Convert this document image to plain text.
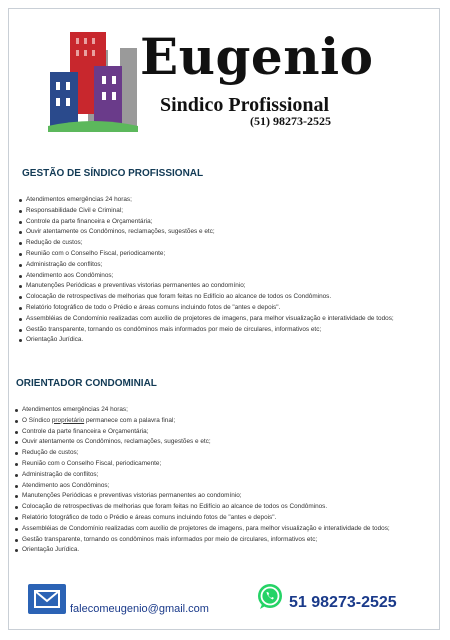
Eugenio
Sindico Profissional
(51) 98273-2525
GESTÃO DE SÍNDICO PROFISSIONAL
Atendimentos emergências 24 horas;
Responsabilidade Civil e Criminal;
Controle da parte financeira e Orçamentária;
Ouvir atentamente os Condôminos, reclamações, sugestões e etc;
Redução de custos;
Reunião com o Conselho Fiscal, periodicamente;
Administração de conflitos;
Atendimento aos Condôminos;
Manutenções Periódicas e preventivas vistorias permanentes ao condomínio;
Colocação de retrospectivas de melhorias que foram feitas no Edifício ao alcance de todos os Condôminos.
Relatório fotográfico de todo o Prédio e áreas comuns incluindo fotos de "antes e depois".
Assembléias de Condomínio realizadas com auxílio de projetores de imagens, para melhor visualização e interatividade de todos;
Gestão transparente, tornando os condôminos mais informados por meio de circulares, informativos etc;
Orientação Jurídica.
ORIENTADOR CONDOMINIAL
Atendimentos emergências 24 horas;
O Síndico proprietário permanece com a palavra final;
Controle da parte financeira e Orçamentária;
Ouvir atentamente os Condôminos, reclamações, sugestões e etc;
Redução de custos;
Reunião com o Conselho Fiscal, periodicamente;
Administração de conflitos;
Atendimento aos Condôminos;
Manutenções Periódicas e preventivas vistorias permanentes ao condomínio;
Colocação de retrospectivas de melhorias que foram feitas no Edifício ao alcance de todos os Condôminos.
Relatório fotográfico de todo o Prédio e áreas comuns incluindo fotos de "antes e depois".
Assembléias de Condomínio realizadas com auxílio de projetores de imagens, para melhor visualização e interatividade de todos;
Gestão transparente, tornando os condôminos mais informados por meio de circulares, informativos etc;
Orientação Jurídica.
falecomeugenio@gmail.com	51 98273-2525
